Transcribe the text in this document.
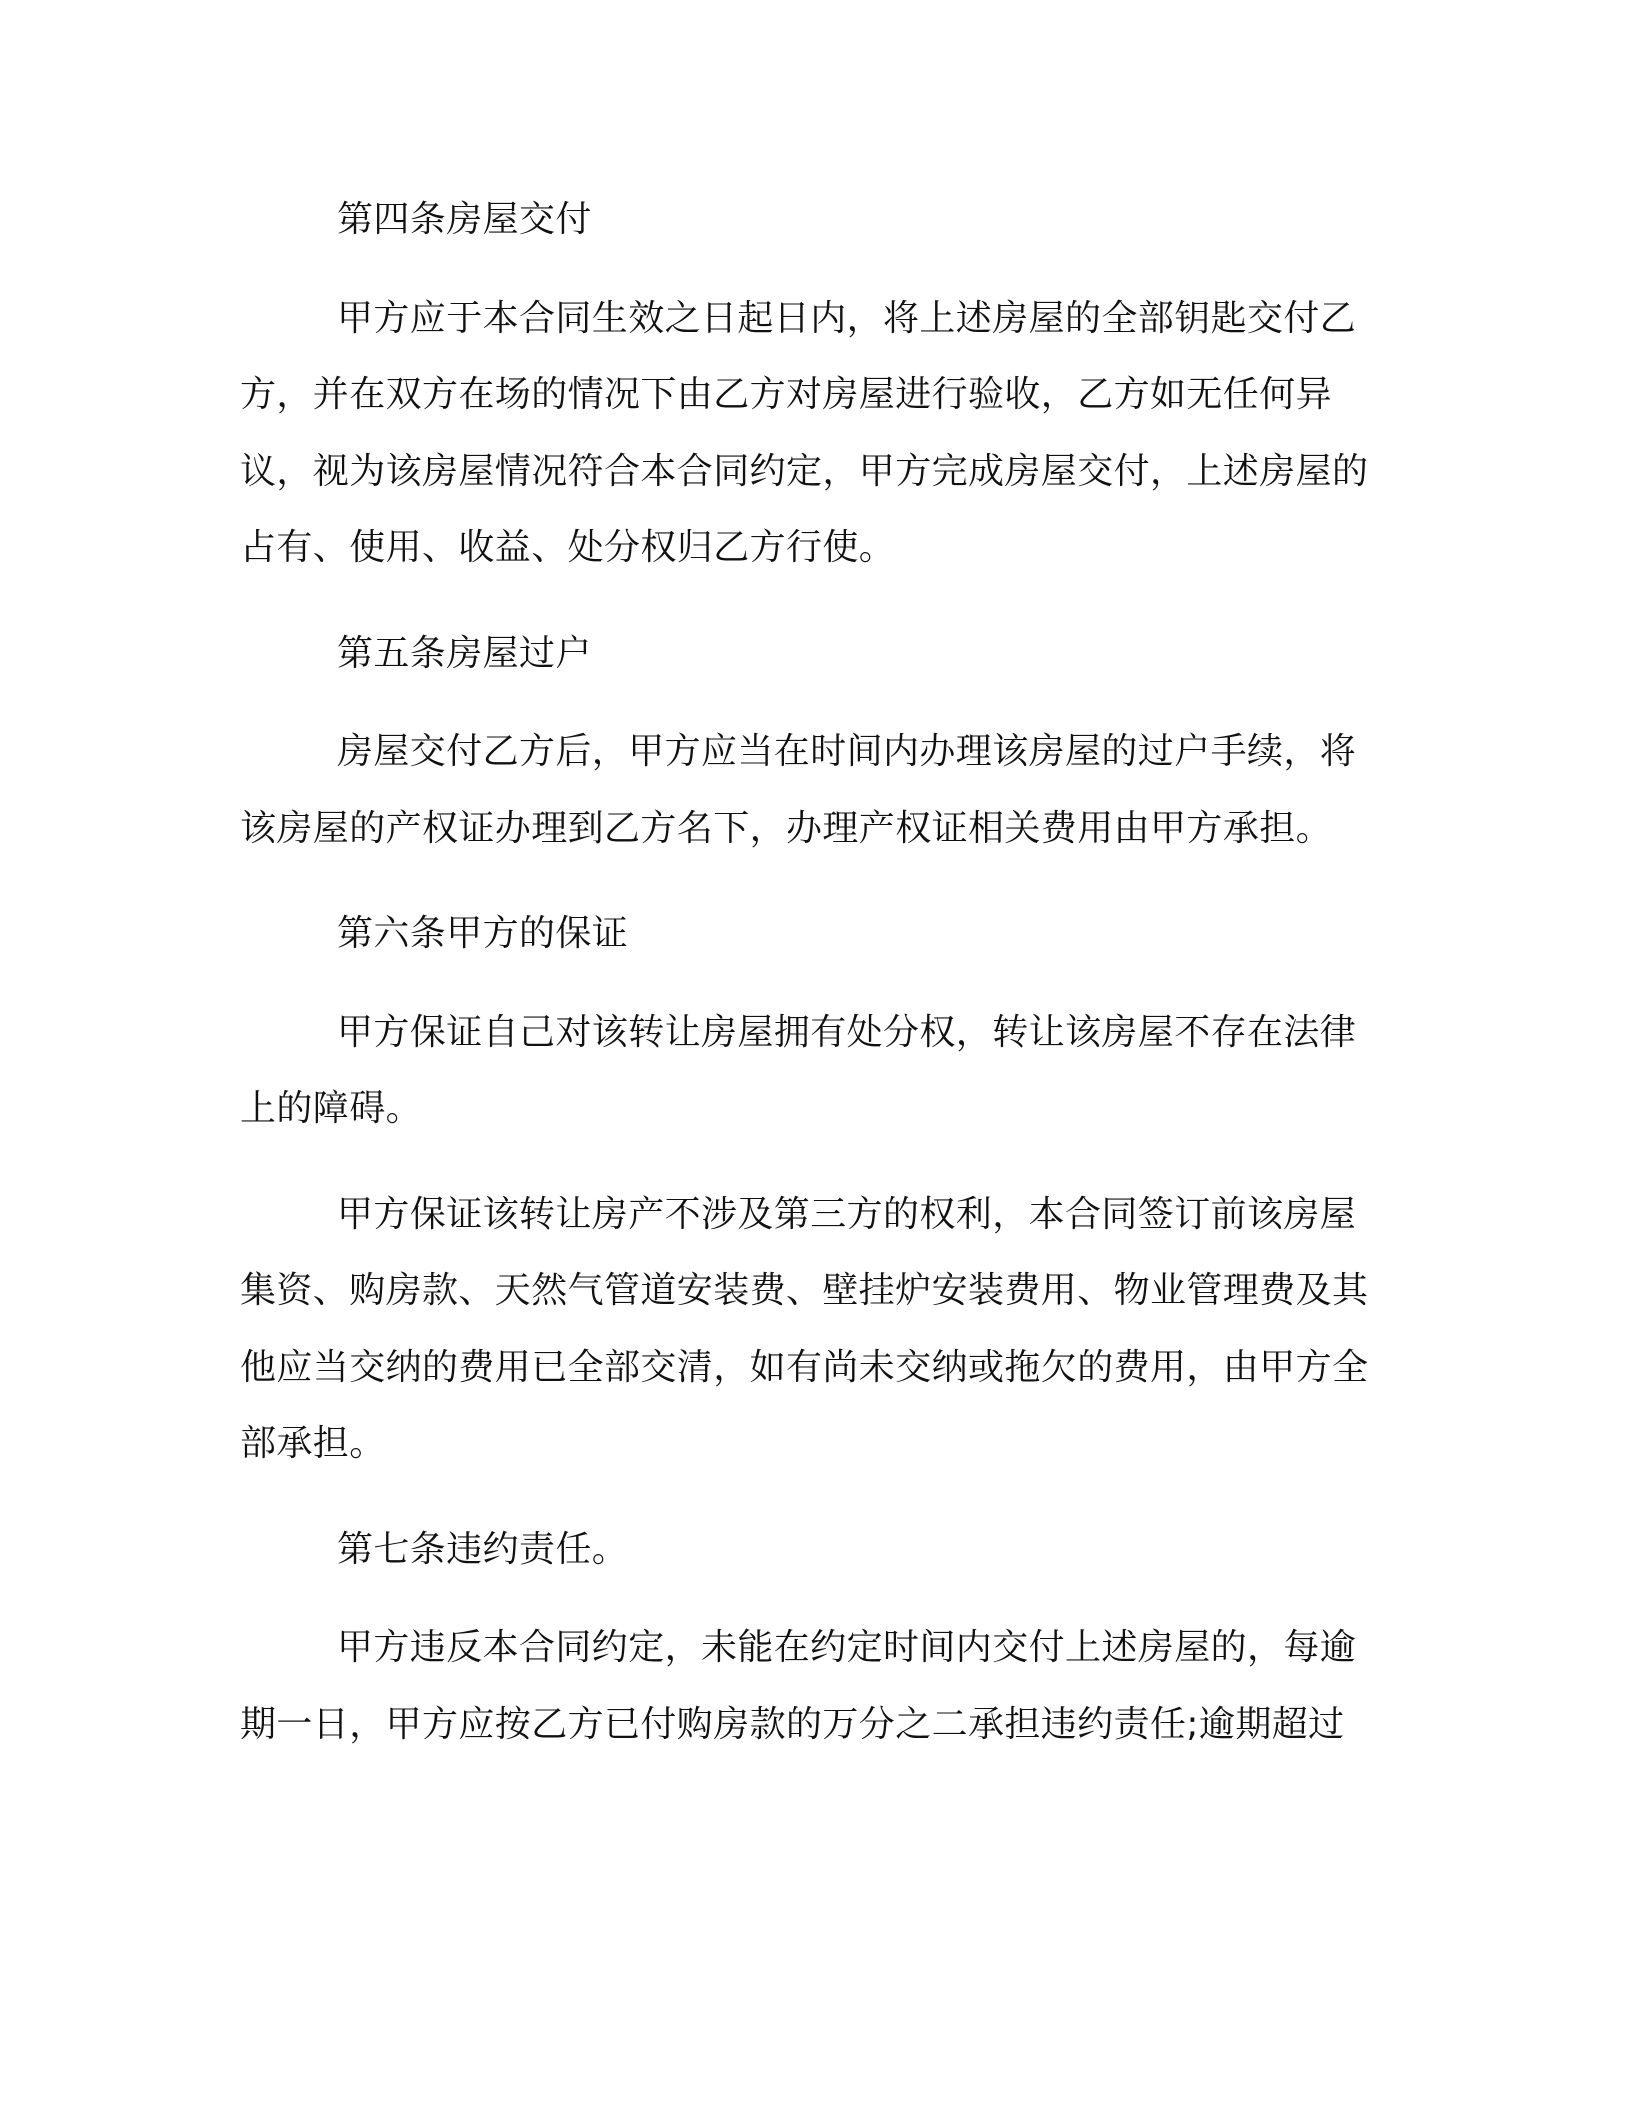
第四条房屋交付

甲方应于本合同生效之日起日内，将上述房屋的全部钥匙交付乙方，并在双方在场的情况下由乙方对房屋进行验收，乙方如无任何异议，视为该房屋情况符合本合同约定，甲方完成房屋交付，上述房屋的占有、使用、收益、处分权归乙方行使。

第五条房屋过户

房屋交付乙方后，甲方应当在时间内办理该房屋的过户手续，将该房屋的产权证办理到乙方名下，办理产权证相关费用由甲方承担。

第六条甲方的保证

甲方保证自己对该转让房屋拥有处分权，转让该房屋不存在法律上的障碍。

甲方保证该转让房产不涉及第三方的权利，本合同签订前该房屋集资、购房款、天然气管道安装费、壁挂炉安装费用、物业管理费及其他应当交纳的费用已全部交清，如有尚未交纳或拖欠的费用，由甲方全部承担。

第七条违约责任。

甲方违反本合同约定，未能在约定时间内交付上述房屋的，每逾期一日，甲方应按乙方已付购房款的万分之二承担违约责任;逾期超过
